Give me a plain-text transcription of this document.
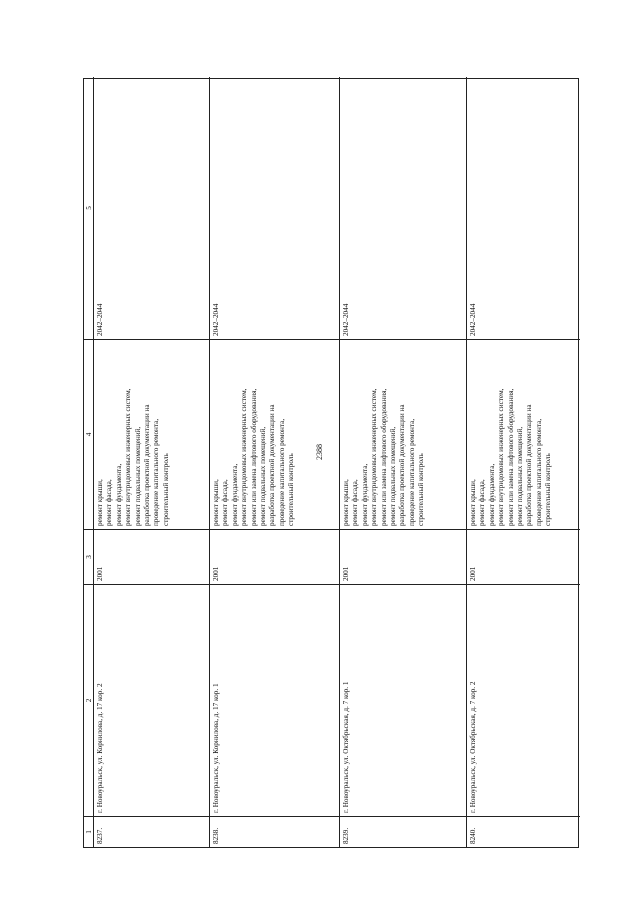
2388
1
2
3
4
5
8237.
г. Новоуральск, ул. Корнилова, д. 17 кор. 2
2001
ремонт крыши, ремонт фасада, ремонт фундамента, ремонт внутридомовых инженерных систем, ремонт подвальных помещений, разработка проектной документации на проведение капитального ремонта, строительный контроль
2042–2044
8238.
г. Новоуральск, ул. Корнилова, д. 17 кор. 1
2001
ремонт крыши, ремонт фасада, ремонт фундамента, ремонт внутридомовых инженерных систем, ремонт или замена лифтового оборудования, ремонт подвальных помещений, разработка проектной документации на проведение капитального ремонта, строительный контроль
2042–2044
8239.
г. Новоуральск, ул. Октябрьская, д. 7 кор. 1
2001
ремонт крыши, ремонт фасада, ремонт фундамента, ремонт внутридомовых инженерных систем, ремонт или замена лифтового оборудования, ремонт подвальных помещений, разработка проектной документации на проведение капитального ремонта, строительный контроль
2042–2044
8240.
г. Новоуральск, ул. Октябрьская, д. 7 кор. 2
2001
ремонт крыши, ремонт фасада, ремонт фундамента, ремонт внутридомовых инженерных систем, ремонт или замена лифтового оборудования, ремонт подвальных помещений, разработка проектной документации на проведение капитального ремонта, строительный контроль
2042–2044
